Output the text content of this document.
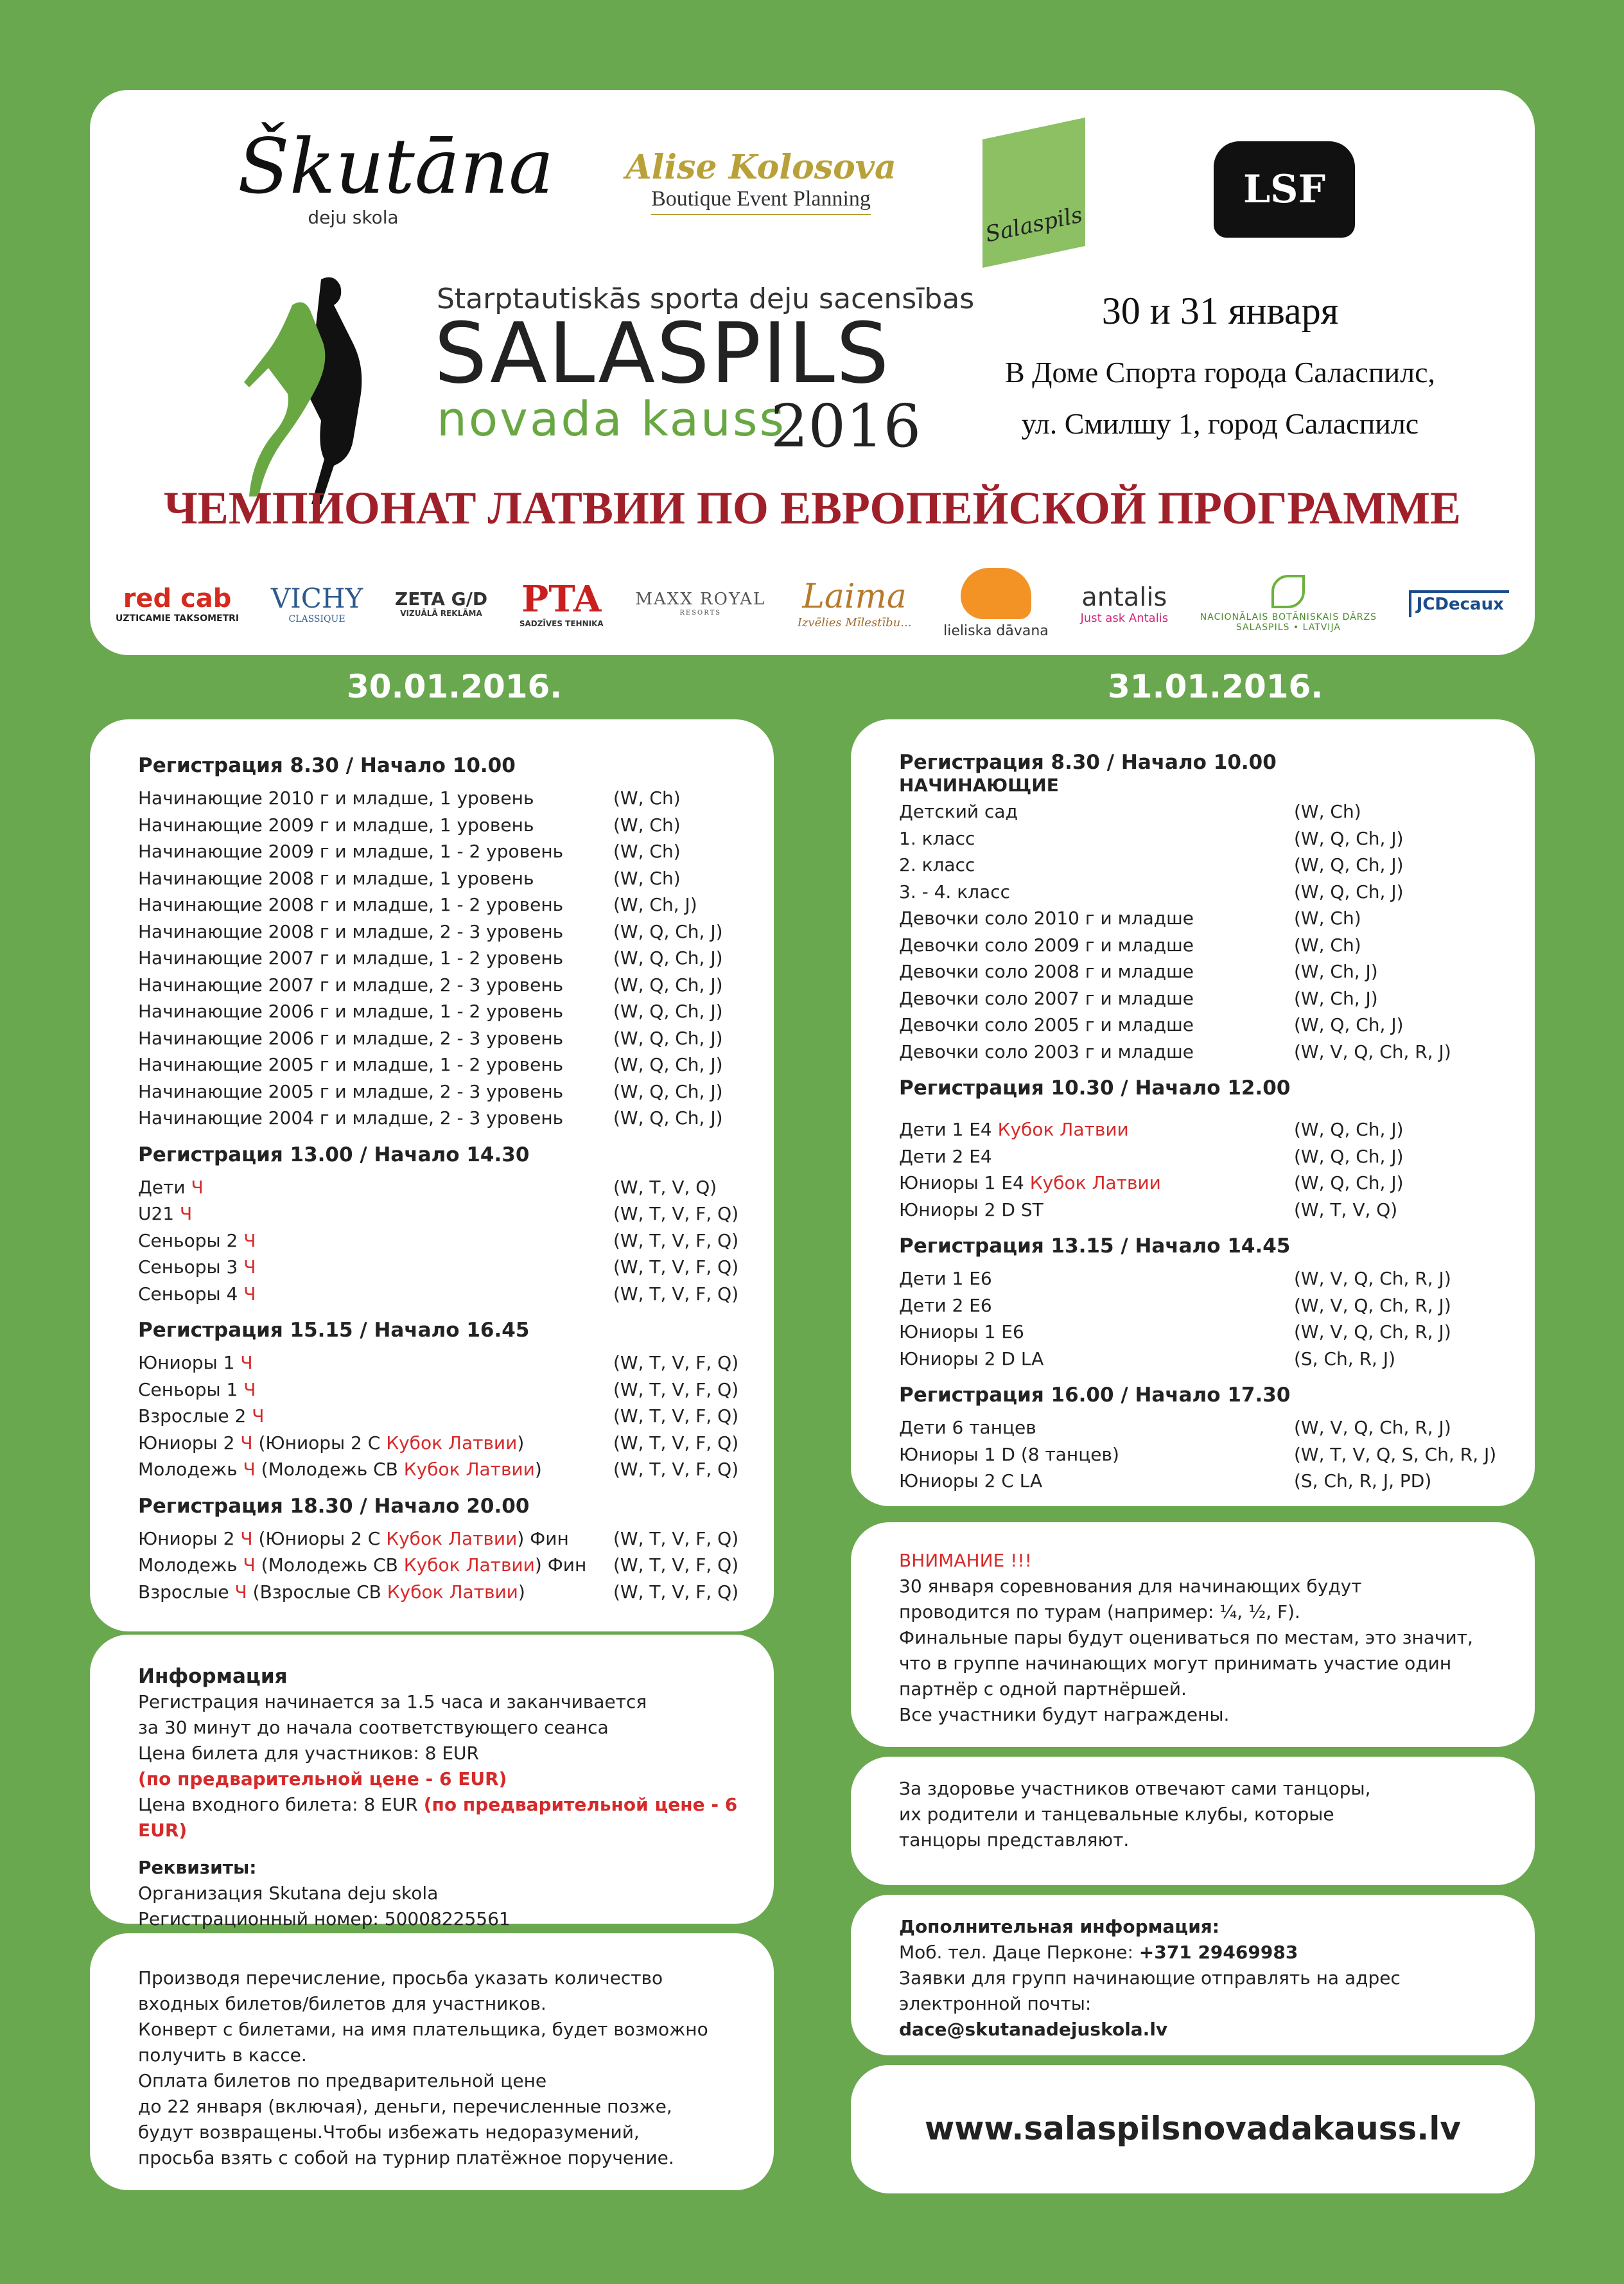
Škutāna
deju skola
Alise Kolosova
Boutique Event Planning
Salaspils
LSF
Starptautiskās sporta deju sacensības
SALASPILS
novada kauss
2016
30 и 31 января
В Доме Спорта города Саласпилс,
ул. Смилшу 1, город Саласпилс
ЧЕМПИОНАТ ЛАТВИИ ПО ЕВРОПЕЙСКОЙ ПРОГРАММЕ
red cab
UZTICAMIE TAKSOMETRI
VICHY
CLASSIQUE
ZETA G/D
VIZUĀLĀ REKLĀMA PTA
SADZĪVES TEHNIKA
MAXX ROYAL
RESORTS	Laima
Izvēlies Mīlestību...
lieliska dāvana
antalis
Just ask Antalis	NACIONĀLAIS BOTĀNISKAIS DĀRZS
SALASPILS • LATVIJA
JCDecaux
30.01.2016.	31.01.2016.
Регистрация 8.30 / Начало 10.00
Начинающие 2010 г и младше, 1 уровень	(W, Ch)
Начинающие 2009 г и младше, 1 уровень	(W, Ch)
Начинающие 2009 г и младше, 1 - 2 уровень	(W, Ch)
Начинающие 2008 г и младше, 1 уровень	(W, Ch)
Начинающие 2008 г и младше, 1 - 2 уровень	(W, Ch, J)
Начинающие 2008 г и младше, 2 - 3 уровень	(W, Q, Ch, J)
Начинающие 2007 г и младше, 1 - 2 уровень	(W, Q, Ch, J)
Начинающие 2007 г и младше, 2 - 3 уровень	(W, Q, Ch, J)
Начинающие 2006 г и младше, 1 - 2 уровень	(W, Q, Ch, J)
Начинающие 2006 г и младше, 2 - 3 уровень	(W, Q, Ch, J)
Начинающие 2005 г и младше, 1 - 2 уровень	(W, Q, Ch, J)
Начинающие 2005 г и младше, 2 - 3 уровень	(W, Q, Ch, J)
Начинающие 2004 г и младше, 2 - 3 уровень	(W, Q, Ch, J)
Регистрация 13.00 / Начало 14.30
Дети Ч	(W, T, V, Q)
U21 Ч	(W, T, V, F, Q)
Сеньоры 2 Ч	(W, T, V, F, Q)
Сеньоры 3 Ч	(W, T, V, F, Q)
Сеньоры 4 Ч	(W, T, V, F, Q)
Регистрация 15.15 / Начало 16.45
Юниоры 1 Ч	(W, T, V, F, Q)
Сеньоры 1 Ч	(W, T, V, F, Q)
Взрослые 2 Ч	(W, T, V, F, Q)
Юниоры 2 Ч (Юниоры 2 С Кубок Латвии)	(W, T, V, F, Q)
Молодежь Ч (Молодежь СВ Кубок Латвии)	(W, T, V, F, Q)
Регистрация 18.30 / Начало 20.00
Юниоры 2 Ч (Юниоры 2 С Кубок Латвии) Фин	(W, T, V, F, Q)
Молодежь Ч (Молодежь СВ Кубок Латвии) Фин	(W, T, V, F, Q)
Взрослые Ч (Взрослые СВ Кубок Латвии)	(W, T, V, F, Q)
Информация
Регистрация начинается за 1.5 часа и заканчивается
за 30 минут до начала соответствующего сеанса
Цена билета для участников: 8 EUR
(по предварительной цене - 6 EUR)
Цена входного билета: 8 EUR (по предварительной цене - 6 EUR)
Реквизиты:
Организация Skutana deju skola
Регистрационный номер: 50008225561
Производя перечисление, просьба указать количество
входных билетов/билетов для участников.
Конверт с билетами, на имя плательщика, будет возможно
получить в кассе.
Оплата билетов по предварительной цене
до 22 января (включая), деньги, перечисленные позже,
будут возвращены.Чтобы избежать недоразумений,
просьба взять с собой на турнир платёжное поручение.
Регистрация 8.30 / Начало 10.00
НАЧИНАЮЩИЕ
Детский сад	(W, Ch)
1. класс	(W, Q, Ch, J)
2. класс	(W, Q, Ch, J)
3. - 4. класс	(W, Q, Ch, J)
Девочки соло 2010 г и младше	(W, Ch)
Девочки соло 2009 г и младше	(W, Ch)
Девочки соло 2008 г и младше	(W, Ch, J)
Девочки соло 2007 г и младше	(W, Ch, J)
Девочки соло 2005 г и младше	(W, Q, Ch, J)
Девочки соло 2003 г и младше	(W, V, Q, Ch, R, J)
Регистрация 10.30 / Начало 12.00
Дети 1 Е4 Кубок Латвии	(W, Q, Ch, J)
Дети 2 Е4	(W, Q, Ch, J)
Юниоры 1 Е4 Кубок Латвии	(W, Q, Ch, J)
Юниоры 2 D ST	(W, T, V, Q)
Регистрация 13.15 / Начало 14.45
Дети 1 Е6	(W, V, Q, Ch, R, J)
Дети 2 Е6	(W, V, Q, Ch, R, J)
Юниоры 1 Е6	(W, V, Q, Ch, R, J)
Юниоры 2 D LA	(S, Ch, R, J)
Регистрация 16.00 / Начало 17.30
Дети 6 танцев	(W, V, Q, Ch, R, J)
Юниоры 1 D (8 танцев)	(W, T, V, Q, S, Ch, R, J)
Юниоры 2 C LA	(S, Ch, R, J, PD)
ВНИМАНИЕ !!!
30 января соревнования для начинающих будут
проводится по турам (например: ¼, ½, F).
Финальные пары будут оцениваться по местам, это значит,
что в группе начинающих могут принимать участие один
партнёр с одной партнёршей.
Все участники будут награждены.
За здоровье участников отвечают сами танцоры,
их родители и танцевальные клубы, которые
танцоры представляют.
Дополнительная информация:
Моб. тел. Даце Перконе: +371 29469983
Заявки для групп начинающие отправлять на адрес
электронной почты:
dace@skutanadejuskola.lv
www.salaspilsnovadakauss.lv
